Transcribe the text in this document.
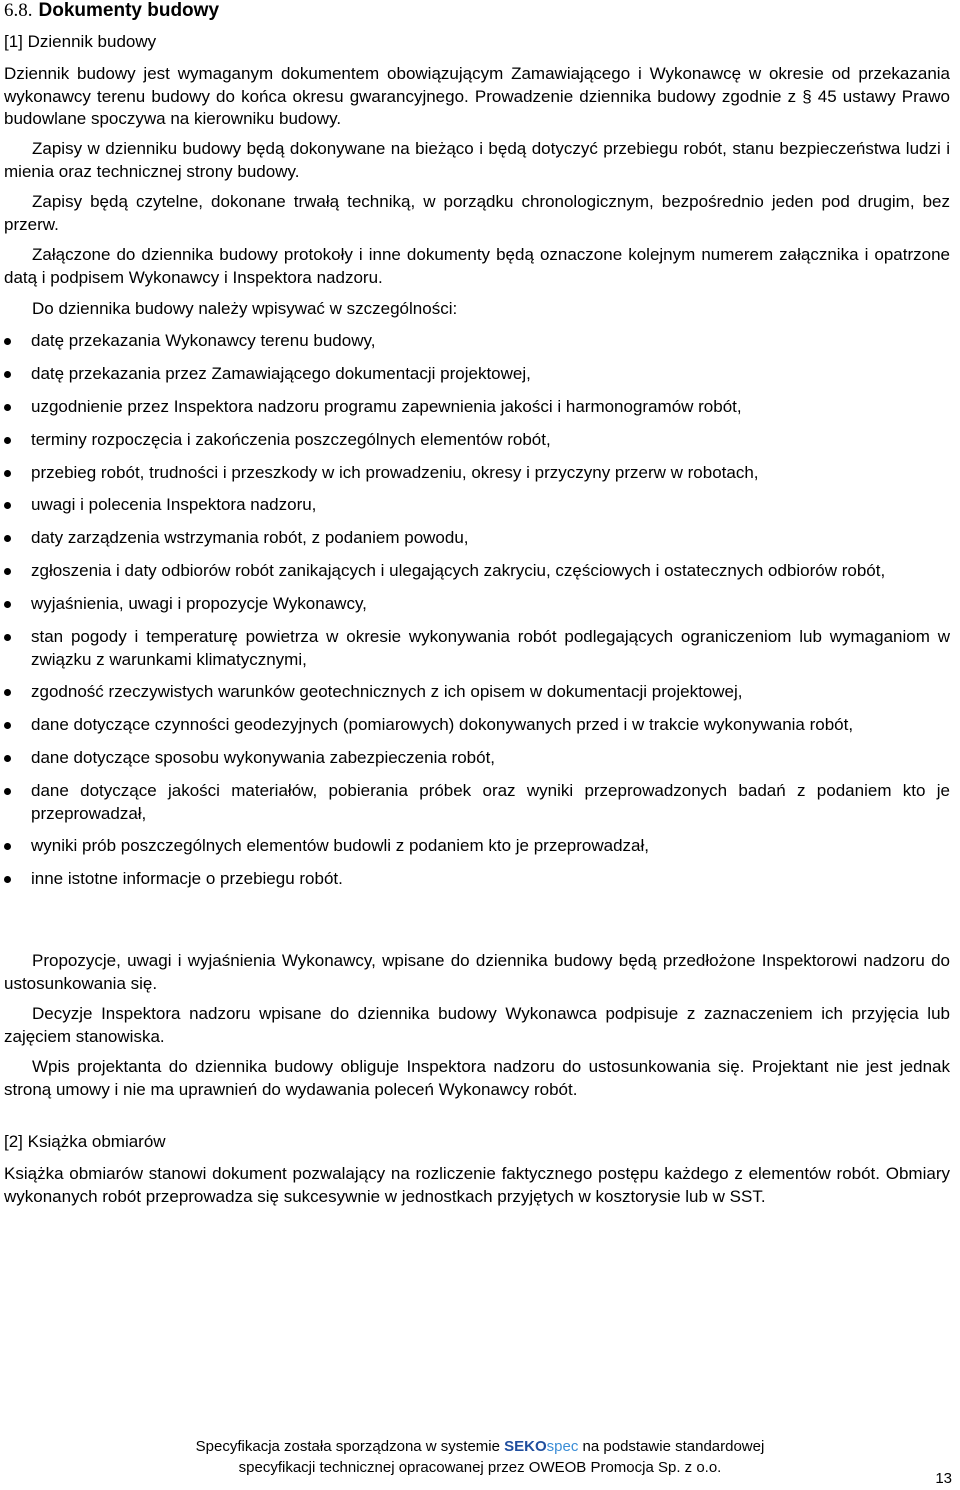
6.8. Dokumenty budowy
[1] Dziennik budowy
Dziennik budowy jest wymaganym dokumentem obowiązującym Zamawiającego i Wykonawcę w okresie od przekazania wykonawcy terenu budowy do końca okresu gwarancyjnego. Prowadzenie dziennika budowy zgodnie z § 45 ustawy Prawo budowlane spoczywa na kierowniku budowy.
Zapisy w dzienniku budowy będą dokonywane na bieżąco i będą dotyczyć przebiegu robót, stanu bezpieczeństwa ludzi i mienia oraz technicznej strony budowy.
Zapisy będą czytelne, dokonane trwałą techniką, w porządku chronologicznym, bezpośrednio jeden pod drugim, bez przerw.
Załączone do dziennika budowy protokoły i inne dokumenty będą oznaczone kolejnym numerem załącznika i opatrzone datą i podpisem Wykonawcy i Inspektora nadzoru.
Do dziennika budowy należy wpisywać w szczególności:
datę przekazania Wykonawcy terenu budowy,
datę przekazania przez Zamawiającego dokumentacji projektowej,
uzgodnienie przez Inspektora nadzoru programu zapewnienia jakości i harmonogramów robót,
terminy rozpoczęcia i zakończenia poszczególnych elementów robót,
przebieg robót, trudności i przeszkody w ich prowadzeniu, okresy i przyczyny przerw w robotach,
uwagi i polecenia Inspektora nadzoru,
daty zarządzenia wstrzymania robót, z podaniem powodu,
zgłoszenia i daty odbiorów robót zanikających i ulegających zakryciu, częściowych i ostatecznych odbiorów robót,
wyjaśnienia, uwagi i propozycje Wykonawcy,
stan pogody i temperaturę powietrza w okresie wykonywania robót podlegających ograniczeniom lub wymaganiom w związku z warunkami klimatycznymi,
zgodność rzeczywistych warunków geotechnicznych z ich opisem w dokumentacji projektowej,
dane dotyczące czynności geodezyjnych (pomiarowych) dokonywanych przed i w trakcie wykonywania robót,
dane dotyczące sposobu wykonywania zabezpieczenia robót,
dane dotyczące jakości materiałów, pobierania próbek oraz wyniki przeprowadzonych badań z podaniem kto je przeprowadzał,
wyniki prób poszczególnych elementów budowli z podaniem kto je przeprowadzał,
inne istotne informacje o przebiegu robót.
Propozycje, uwagi i wyjaśnienia Wykonawcy, wpisane do dziennika budowy będą przedłożone Inspektorowi nadzoru do ustosunkowania się.
Decyzje Inspektora nadzoru wpisane do dziennika budowy Wykonawca podpisuje z zaznaczeniem ich przyjęcia lub zajęciem stanowiska.
Wpis projektanta do dziennika budowy obliguje Inspektora nadzoru do ustosunkowania się. Projektant nie jest jednak stroną umowy i nie ma uprawnień do wydawania poleceń Wykonawcy robót.
[2] Książka obmiarów
Książka obmiarów stanowi dokument pozwalający na rozliczenie faktycznego postępu każdego z elementów robót. Obmiary wykonanych robót przeprowadza się sukcesywnie w jednostkach przyjętych w kosztorysie lub w SST.
Specyfikacja została sporządzona w systemie SEKOspec na podstawie standardowej
specyfikacji technicznej opracowanej przez OWEOB Promocja Sp. z o.o.
13
